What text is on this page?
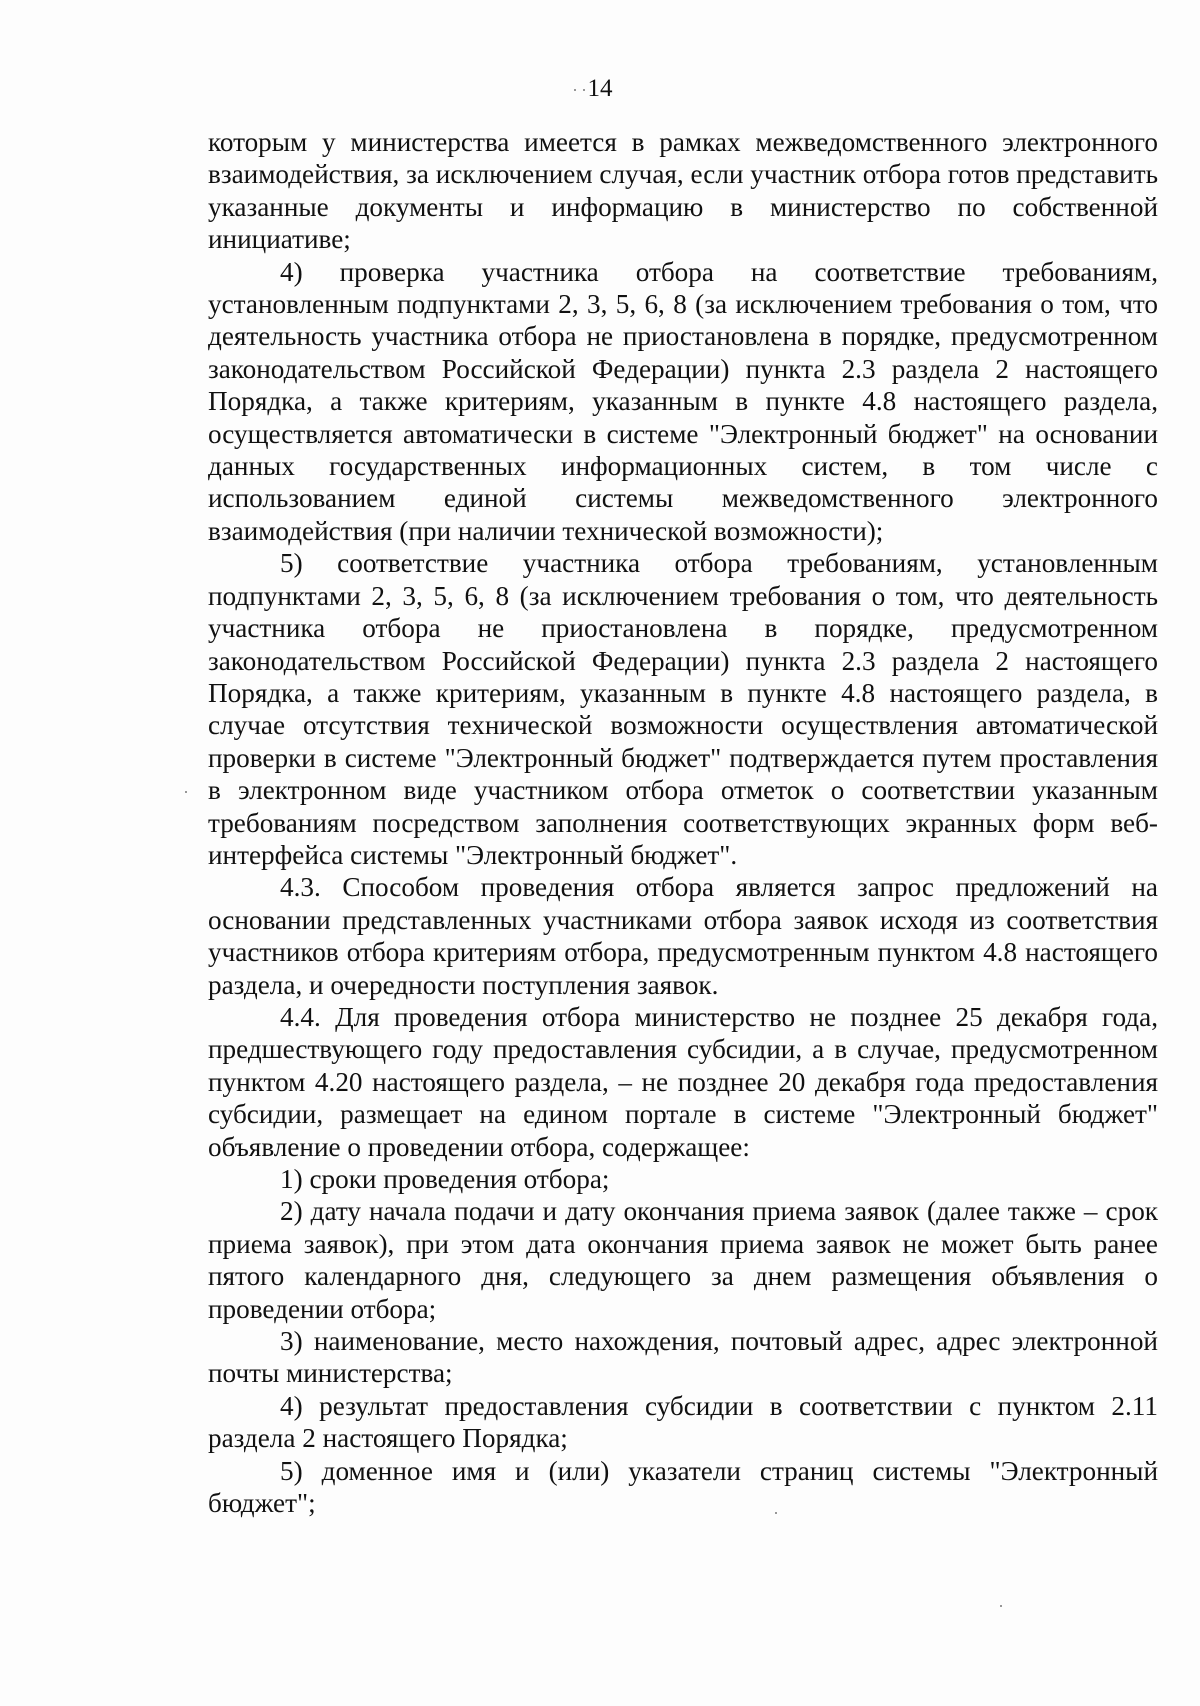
14

которым у министерства имеется в рамках межведомственного электронного взаимодействия, за исключением случая, если участник отбора готов представить указанные документы и информацию в министерство по собственной инициативе;

4) проверка участника отбора на соответствие требованиям, установленным подпунктами 2, 3, 5, 6, 8 (за исключением требования о том, что деятельность участника отбора не приостановлена в порядке, предусмотренном законодательством Российской Федерации) пункта 2.3 раздела 2 настоящего Порядка, а также критериям, указанным в пункте 4.8 настоящего раздела, осуществляется автоматически в системе "Электронный бюджет" на основании данных государственных информационных систем, в том числе с использованием единой системы межведомственного электронного взаимодействия (при наличии технической возможности);

5) соответствие участника отбора требованиям, установленным подпунктами 2, 3, 5, 6, 8 (за исключением требования о том, что деятельность участника отбора не приостановлена в порядке, предусмотренном законодательством Российской Федерации) пункта 2.3 раздела 2 настоящего Порядка, а также критериям, указанным в пункте 4.8 настоящего раздела, в случае отсутствия технической возможности осуществления автоматической проверки в системе "Электронный бюджет" подтверждается путем проставления в электронном виде участником отбора отметок о соответствии указанным требованиям посредством заполнения соответствующих экранных форм веб-интерфейса системы "Электронный бюджет".

4.3. Способом проведения отбора является запрос предложений на основании представленных участниками отбора заявок исходя из соответствия участников отбора критериям отбора, предусмотренным пунктом 4.8 настоящего раздела, и очередности поступления заявок.

4.4. Для проведения отбора министерство не позднее 25 декабря года, предшествующего году предоставления субсидии, а в случае, предусмотренном пунктом 4.20 настоящего раздела, – не позднее 20 декабря года предоставления субсидии, размещает на едином портале в системе "Электронный бюджет" объявление о проведении отбора, содержащее:

1) сроки проведения отбора;

2) дату начала подачи и дату окончания приема заявок (далее также – срок приема заявок), при этом дата окончания приема заявок не может быть ранее пятого календарного дня, следующего за днем размещения объявления о проведении отбора;

3) наименование, место нахождения, почтовый адрес, адрес электронной почты министерства;

4) результат предоставления субсидии в соответствии с пунктом 2.11 раздела 2 настоящего Порядка;

5) доменное имя и (или) указатели страниц системы "Электронный бюджет";
